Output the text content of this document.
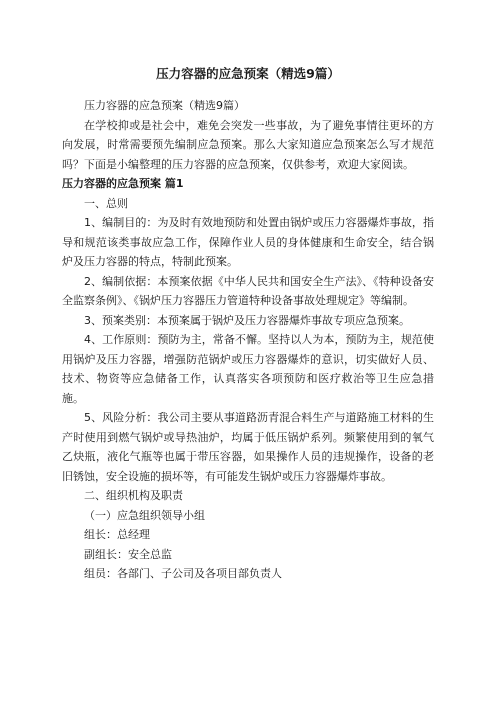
压力容器的应急预案（精选9篇）

压力容器的应急预案（精选9篇）

在学校抑或是社会中，难免会突发一些事故，为了避免事情往更坏的方向发展，时常需要预先编制应急预案。那么大家知道应急预案怎么写才规范吗？下面是小编整理的压力容器的应急预案，仅供参考，欢迎大家阅读。

压力容器的应急预案 篇1

一、总则

1、编制目的：为及时有效地预防和处置由锅炉或压力容器爆炸事故，指导和规范该类事故应急工作，保障作业人员的身体健康和生命安全，结合锅炉及压力容器的特点，特制此预案。

2、编制依据：本预案依据《中华人民共和国安全生产法》、《特种设备安全监察条例》、《锅炉压力容器压力管道特种设备事故处理规定》等编制。

3、预案类别：本预案属于锅炉及压力容器爆炸事故专项应急预案。

4、工作原则：预防为主，常备不懈。坚持以人为本，预防为主，规范使用锅炉及压力容器，增强防范锅炉或压力容器爆炸的意识，切实做好人员、技术、物资等应急储备工作，认真落实各项预防和医疗救治等卫生应急措施。

5、风险分析：我公司主要从事道路沥青混合料生产与道路施工材料的生产时使用到燃气锅炉或导热油炉，均属于低压锅炉系列。频繁使用到的氧气乙炔瓶，液化气瓶等也属于带压容器，如果操作人员的违规操作，设备的老旧锈蚀，安全设施的损坏等，有可能发生锅炉或压力容器爆炸事故。

二、组织机构及职责

（一）应急组织领导小组

组长：总经理

副组长：安全总监

组员：各部门、子公司及各项目部负责人
